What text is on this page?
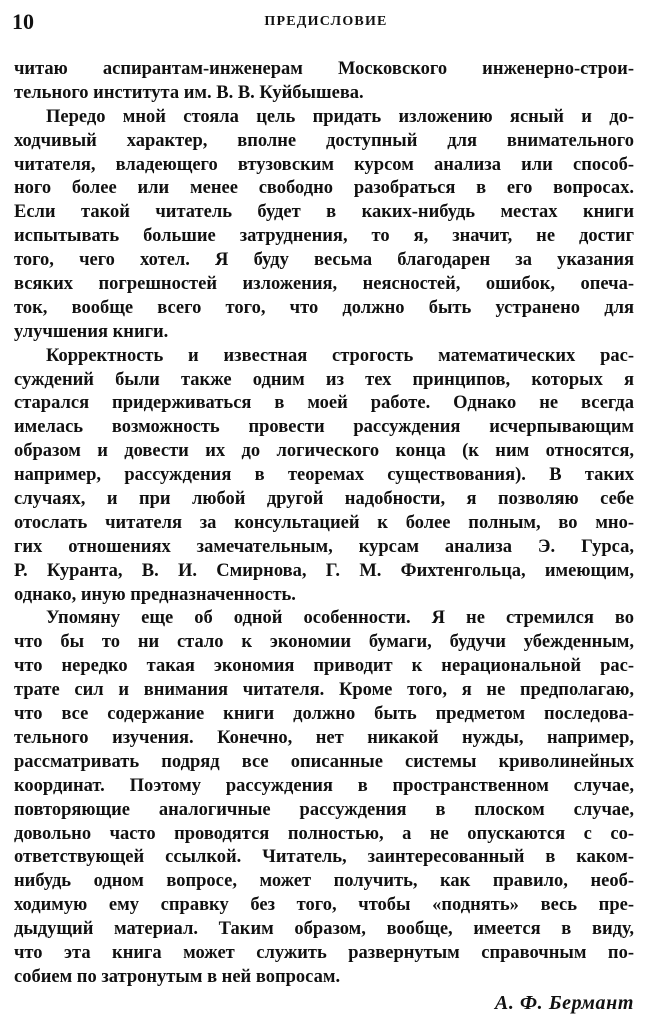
10	ПРЕДИСЛОВИЕ
читаю аспирантам-инженерам Московского инженерно-строи-
тельного института им. В. В. Куйбышева.
Передо мной стояла цель придать изложению ясный и до-
ходчивый характер, вполне доступный для внимательного
читателя, владеющего втузовским курсом анализа или способ-
ного более или менее свободно разобраться в его вопросах.
Если такой читатель будет в каких-нибудь местах книги
испытывать большие затруднения, то я, значит, не достиг
того, чего хотел. Я буду весьма благодарен за указания
всяких погрешностей изложения, неясностей, ошибок, опеча-
ток, вообще всего того, что должно быть устранено для
улучшения книги.
Корректность и известная строгость математических рас-
суждений были также одним из тех принципов, которых я
старался придерживаться в моей работе. Однако не всегда
имелась возможность провести рассуждения исчерпывающим
образом и довести их до логического конца (к ним относятся,
например, рассуждения в теоремах существования). В таких
случаях, и при любой другой надобности, я позволяю себе
отослать читателя за консультацией к более полным, во мно-
гих отношениях замечательным, курсам анализа Э. Гурса,
Р. Куранта, В. И. Смирнова, Г. М. Фихтенгольца, имеющим,
однако, иную предназначенность.
Упомяну еще об одной особенности. Я не стремился во
что бы то ни стало к экономии бумаги, будучи убежденным,
что нередко такая экономия приводит к нерациональной рас-
трате сил и внимания читателя. Кроме того, я не предполагаю,
что все содержание книги должно быть предметом последова-
тельного изучения. Конечно, нет никакой нужды, например,
рассматривать подряд все описанные системы криволинейных
координат. Поэтому рассуждения в пространственном случае,
повторяющие аналогичные рассуждения в плоском случае,
довольно часто проводятся полностью, а не опускаются с со-
ответствующей ссылкой. Читатель, заинтересованный в каком-
нибудь одном вопросе, может получить, как правило, необ-
ходимую ему справку без того, чтобы «поднять» весь пре-
дыдущий материал. Таким образом, вообще, имеется в виду,
что эта книга может служить развернутым справочным по-
собием по затронутым в ней вопросам.
А. Ф. Бермант
